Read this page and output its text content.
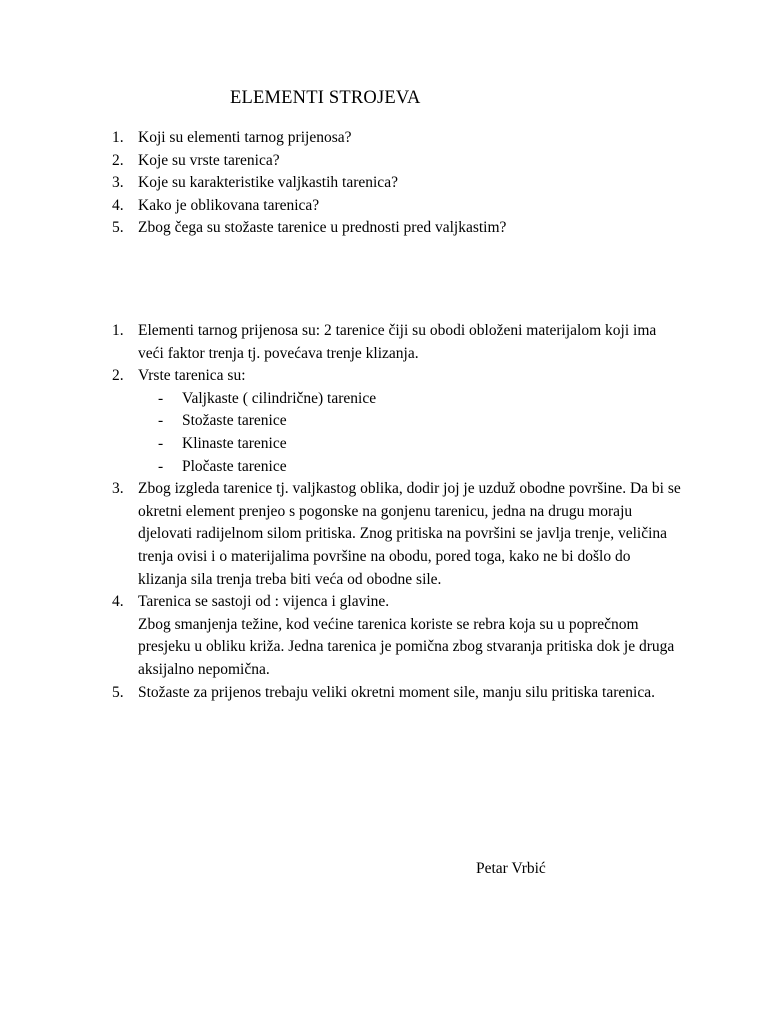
ELEMENTI STROJEVA
1. Koji su elementi tarnog prijenosa?
2. Koje su vrste tarenica?
3. Koje su karakteristike valjkastih tarenica?
4. Kako je oblikovana tarenica?
5. Zbog čega su stožaste tarenice u prednosti pred valjkastim?
1. Elementi tarnog prijenosa su: 2 tarenice čiji su obodi obloženi materijalom koji ima veći faktor trenja tj. povećava trenje klizanja.
2. Vrste tarenica su:
- Valjkaste ( cilindrične) tarenice
- Stožaste tarenice
- Klinaste tarenice
- Pločaste tarenice
3. Zbog izgleda tarenice tj. valjkastog oblika, dodir joj je uzduž obodne površine. Da bi se okretni element prenjeo s pogonske na gonjenu tarenicu, jedna na drugu moraju djelovati radijelnom silom pritiska. Znog pritiska na površini se javlja trenje, veličina trenja ovisi i o materijalima površine na obodu, pored toga, kako ne bi došlo do klizanja sila trenja treba biti veća od obodne sile.
4. Tarenica se sastoji od : vijenca i glavine.
Zbog smanjenja težine, kod većine tarenica koriste se rebra koja su u poprečnom presjeku u obliku križa. Jedna tarenica je pomična zbog stvaranja pritiska dok je druga aksijalno nepomična.
5. Stožaste za prijenos trebaju veliki okretni moment sile, manju silu pritiska tarenica.
Petar Vrbić
